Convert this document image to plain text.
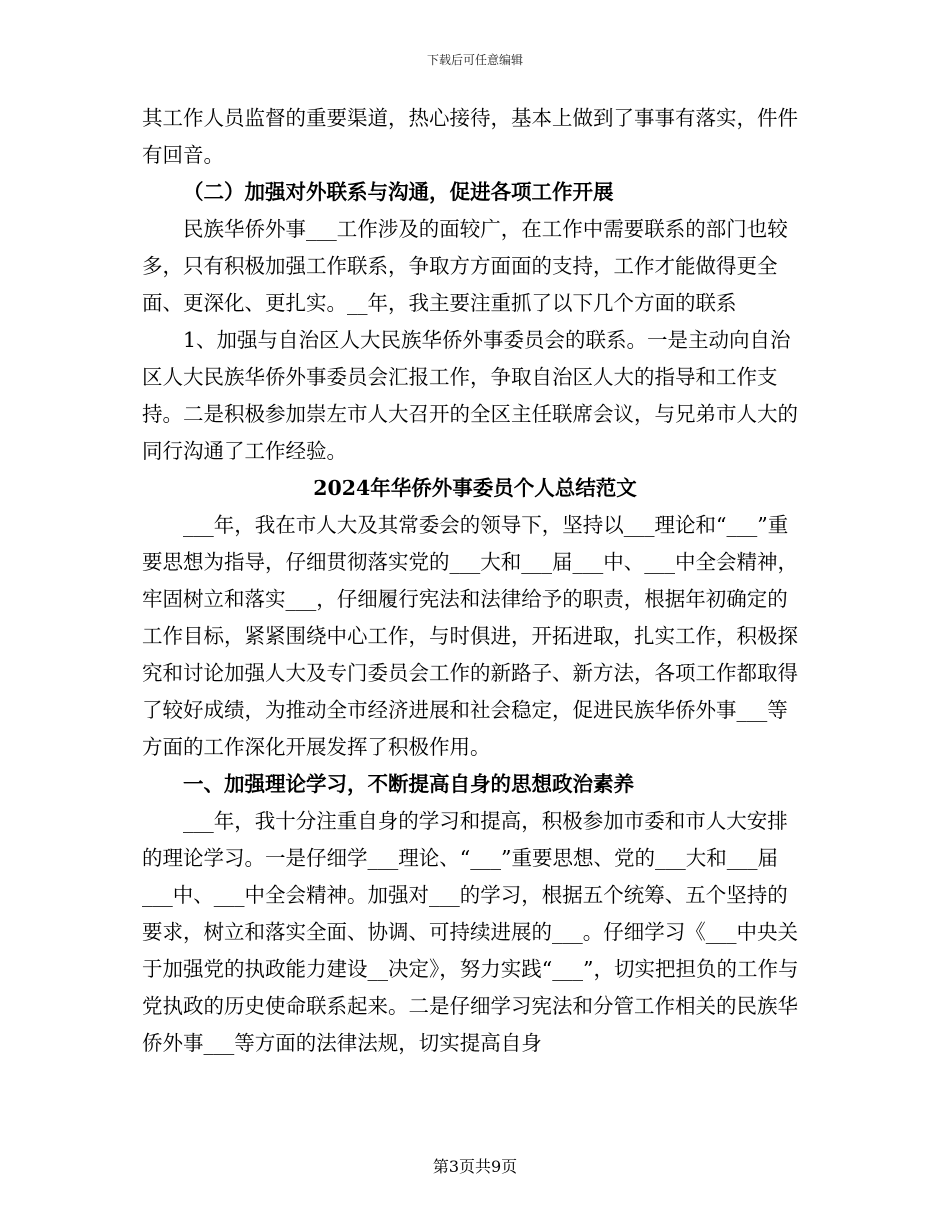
下载后可任意编辑

其工作人员监督的重要渠道，热心接待，基本上做到了事事有落实，件件有回音。

（二）加强对外联系与沟通，促进各项工作开展

民族华侨外事___工作涉及的面较广，在工作中需要联系的部门也较多，只有积极加强工作联系，争取方方面面的支持，工作才能做得更全面、更深化、更扎实。__年，我主要注重抓了以下几个方面的联系

1、加强与自治区人大民族华侨外事委员会的联系。一是主动向自治区人大民族华侨外事委员会汇报工作，争取自治区人大的指导和工作支持。二是积极参加崇左市人大召开的全区主任联席会议，与兄弟市人大的同行沟通了工作经验。

2024年华侨外事委员个人总结范文

___年，我在市人大及其常委会的领导下，坚持以___理论和“___”重要思想为指导，仔细贯彻落实党的___大和___届___中、___中全会精神，牢固树立和落实___，仔细履行宪法和法律给予的职责，根据年初确定的工作目标，紧紧围绕中心工作，与时俱进，开拓进取，扎实工作，积极探究和讨论加强人大及专门委员会工作的新路子、新方法，各项工作都取得了较好成绩，为推动全市经济进展和社会稳定，促进民族华侨外事___等方面的工作深化开展发挥了积极作用。

一、加强理论学习，不断提高自身的思想政治素养

___年，我十分注重自身的学习和提高，积极参加市委和市人大安排的理论学习。一是仔细学___理论、“___”重要思想、党的___大和___届___中、___中全会精神。加强对___的学习，根据五个统筹、五个坚持的要求，树立和落实全面、协调、可持续进展的___。仔细学习《___中央关于加强党的执政能力建设__决定》，努力实践“___”，切实把担负的工作与党执政的历史使命联系起来。二是仔细学习宪法和分管工作相关的民族华侨外事___等方面的法律法规，切实提高自身

第3页共9页
